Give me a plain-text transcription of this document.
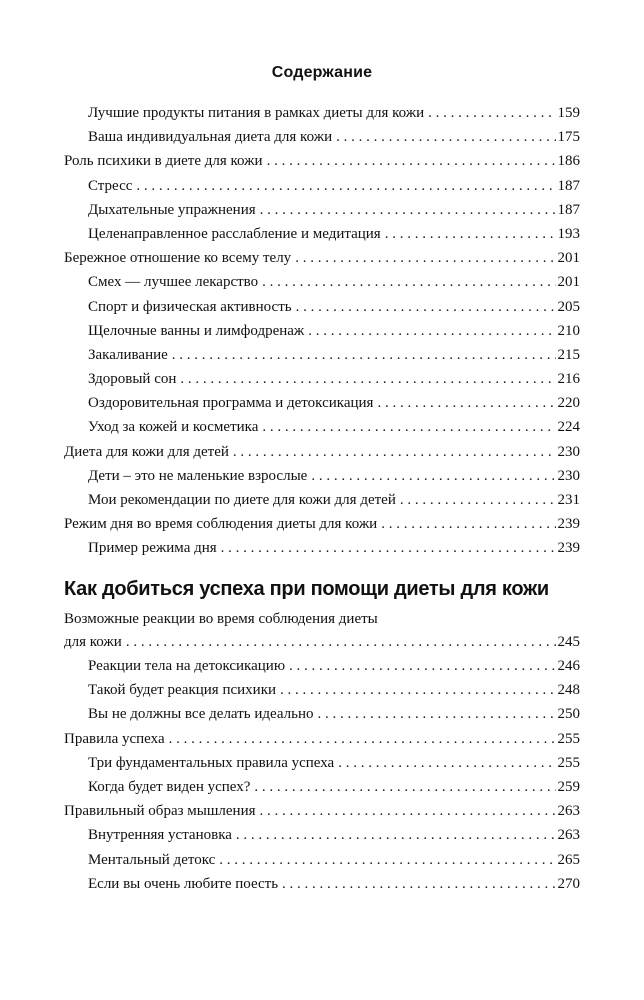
Содержание
Лучшие продукты питания в рамках диеты для кожи . . .	159
Ваша индивидуальная диета для кожи . . .	175
Роль психики в диете для кожи . . .	186
Стресс . . .	187
Дыхательные упражнения . . .	187
Целенаправленное расслабление и медитация . . .	193
Бережное отношение ко всему телу . . .	201
Смех — лучшее лекарство . . .	201
Спорт и физическая активность . . .	205
Щелочные ванны и лимфодренаж . . .	210
Закаливание . . .	215
Здоровый сон . . .	216
Оздоровительная программа и детоксикация . . .	220
Уход за кожей и косметика . . .	224
Диета для кожи для детей . . .	230
Дети – это не маленькие взрослые . . .	230
Мои рекомендации по диете для кожи для детей . . .	231
Режим дня во время соблюдения диеты для кожи . . .	239
Пример режима дня . . .	239
Как добиться успеха при помощи диеты для кожи
Возможные реакции во время соблюдения диеты
для кожи . . .	245
Реакции тела на детоксикацию . . .	246
Такой будет реакция психики . . .	248
Вы не должны все делать идеально . . .	250
Правила успеха . . .	255
Три фундаментальных правила успеха . . .	255
Когда будет виден успех? . . .	259
Правильный образ мышления . . .	263
Внутренняя установка . . .	263
Ментальный детокс . . .	265
Если вы очень любите поесть . . .	270
